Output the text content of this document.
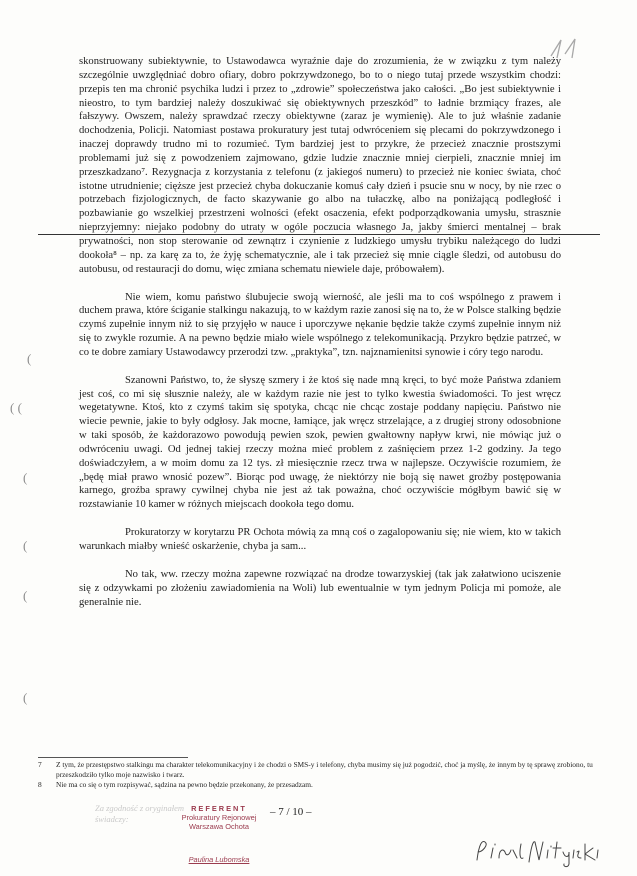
skonstruowany subiektywnie, to Ustawodawca wyraźnie daje do zrozumienia, że w związku z tym należy szczególnie uwzględniać dobro ofiary, dobro pokrzywdzonego, bo to o niego tutaj przede wszystkim chodzi: przepis ten ma chronić psychika ludzi i przez to „zdrowie” społeczeństwa jako całości. „Bo jest subiektywnie i nieostro, to tym bardziej należy doszukiwać się obiektywnych przeszkód” to ładnie brzmiący frazes, ale fałszywy. Owszem, należy sprawdzać rzeczy obiektywne (zaraz je wymienię). Ale to już właśnie zadanie dochodzenia, Policji. Natomiast postawa prokuratury jest tutaj odwróceniem się plecami do pokrzywdzonego i inaczej doprawdy trudno mi to rozumieć. Tym bardziej jest to przykre, że przecież znacznie prostszymi problemami już się z powodzeniem zajmowano, gdzie ludzie znacznie mniej cierpieli, znacznie mniej im przeszkadzano⁷. Rezygnacja z korzystania z telefonu (z jakiegoś numeru) to przecież nie koniec świata, choć istotne utrudnienie; cięższe jest przecież chyba dokuczanie komuś cały dzień i psucie snu w nocy, by nie rzec o potrzebach fizjologicznych, de facto skazywanie go albo na tułaczkę, albo na poniżającą podległość i pozbawianie go wszelkiej przestrzeni wolności (efekt osaczenia, efekt podporządkowania umysłu, strasznie nieprzyjemny: niejako podobny do utraty w ogóle poczucia własnego Ja, jakby śmierci mentalnej – brak prywatności, non stop sterowanie od zewnątrz i czynienie z ludzkiego umysłu trybiku należącego do ludzi dookoła⁸ – np. za karę za to, że żyję schematycznie, ale i tak przecież się mnie ciągle śledzi, od autobusu do autobusu, od restauracji do domu, więc zmiana schematu niewiele daje, próbowałem).

Nie wiem, komu państwo ślubujecie swoją wierność, ale jeśli ma to coś wspólnego z prawem i duchem prawa, które ściganie stalkingu nakazują, to w każdym razie zanosi się na to, że w Polsce stalking będzie czymś zupełnie innym niż to się przyjęło w nauce i uporczywe nękanie będzie także czymś zupełnie innym niż się to zwykle rozumie. A na pewno będzie miało wiele wspólnego z telekomunikacją. Przykro będzie patrzeć, w co te dobre zamiary Ustawodawcy przerodzi tzw. „praktyka”, tzn. najznamienitsi synowie i córy tego narodu.

Szanowni Państwo, to, że słyszę szmery i że ktoś się nade mną kręci, to być może Państwa zdaniem jest coś, co mi się słusznie należy, ale w każdym razie nie jest to tylko kwestia świadomości. To jest wręcz wegetatywne. Ktoś, kto z czymś takim się spotyka, chcąc nie chcąc zostaje poddany napięciu. Państwo nie wiecie pewnie, jakie to były odgłosy. Jak mocne, łamiące, jak wręcz strzelające, a z drugiej strony odosobnione w taki sposób, że każdorazowo powodują pewien szok, pewien gwałtowny napływ krwi, nie mówiąc już o odwróceniu uwagi. Od jednej takiej rzeczy można mieć problem z zaśnięciem przez 1-2 godziny. Ja tego doświadczyłem, a w moim domu za 12 tys. zł miesięcznie rzecz trwa w najlepsze. Oczywiście rozumiem, że „będę miał prawo wnosić pozew”. Biorąc pod uwagę, że niektórzy nie boją się nawet groźby postępowania karnego, groźba sprawy cywilnej chyba nie jest aż tak poważna, choć oczywiście mógłbym bawić się w rozstawianie 10 kamer w różnych miejscach dookoła tego domu.

Prokuratorzy w korytarzu PR Ochota mówią za mną coś o zagalopowaniu się; nie wiem, kto w takich warunkach miałby wnieść oskarżenie, chyba ja sam...

No tak, ww. rzeczy można zapewne rozwiązać na drodze towarzyskiej (tak jak załatwiono uciszenie się z odzywkami po złożeniu zawiadomienia na Woli) lub ewentualnie w tym jednym Policja mi pomoże, ale generalnie nie.

(
( (
(
(
(
(
7	Z tym, że przestępstwo stalkingu ma charakter telekomunikacyjny i że chodzi o SMS-y i telefony, chyba musimy się już pogodzić, choć ja myślę, że innym by tę sprawę zrobiono, tu przeszkodziło tylko moje nazwisko i twarz.
8	Nie ma co się o tym rozpisywać, sądzina na pewno będzie przekonany, że przesadzam.
Za zgodność z oryginałem
świadczy:
REFERENT
Prokuratury Rejonowej
Warszawa Ochota
Paulina Lubomska
– 7 / 10 –
